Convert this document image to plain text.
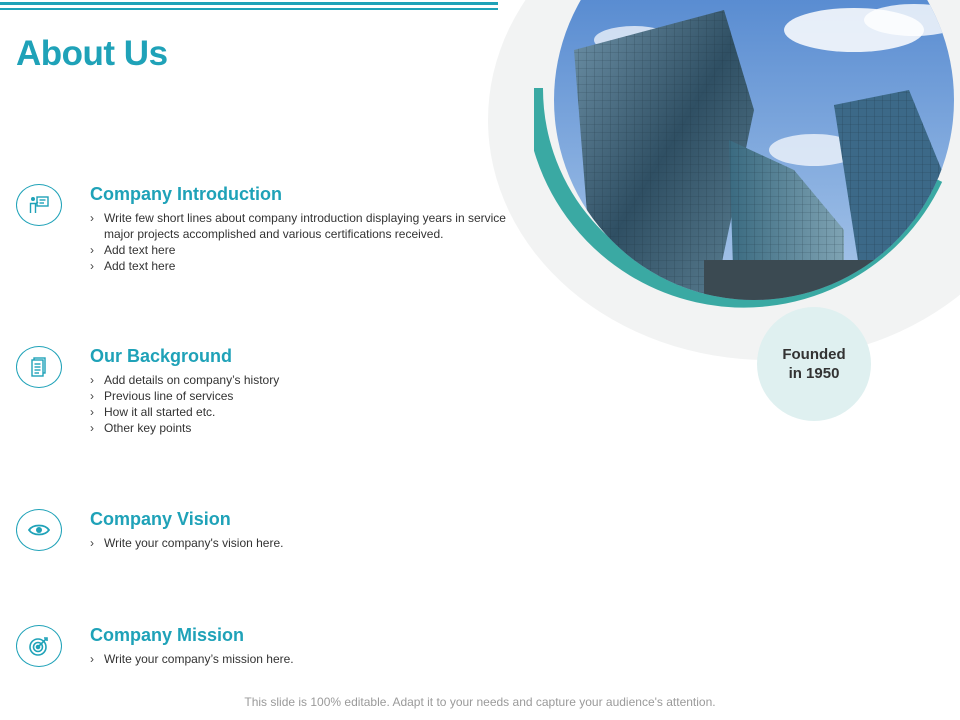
About Us
Company Introduction
› Write few short lines about company introduction displaying years in service major projects accomplished and various certifications received.
› Add text here
› Add text here
Our Background
› Add details on company’s history
› Previous line of services
› How it all started etc.
› Other key points
Company Vision
› Write your company's vision here.
Company Mission
› Write your company’s mission here.
Founded
in 1950
This slide is 100% editable. Adapt it to your needs and capture your audience's attention.
